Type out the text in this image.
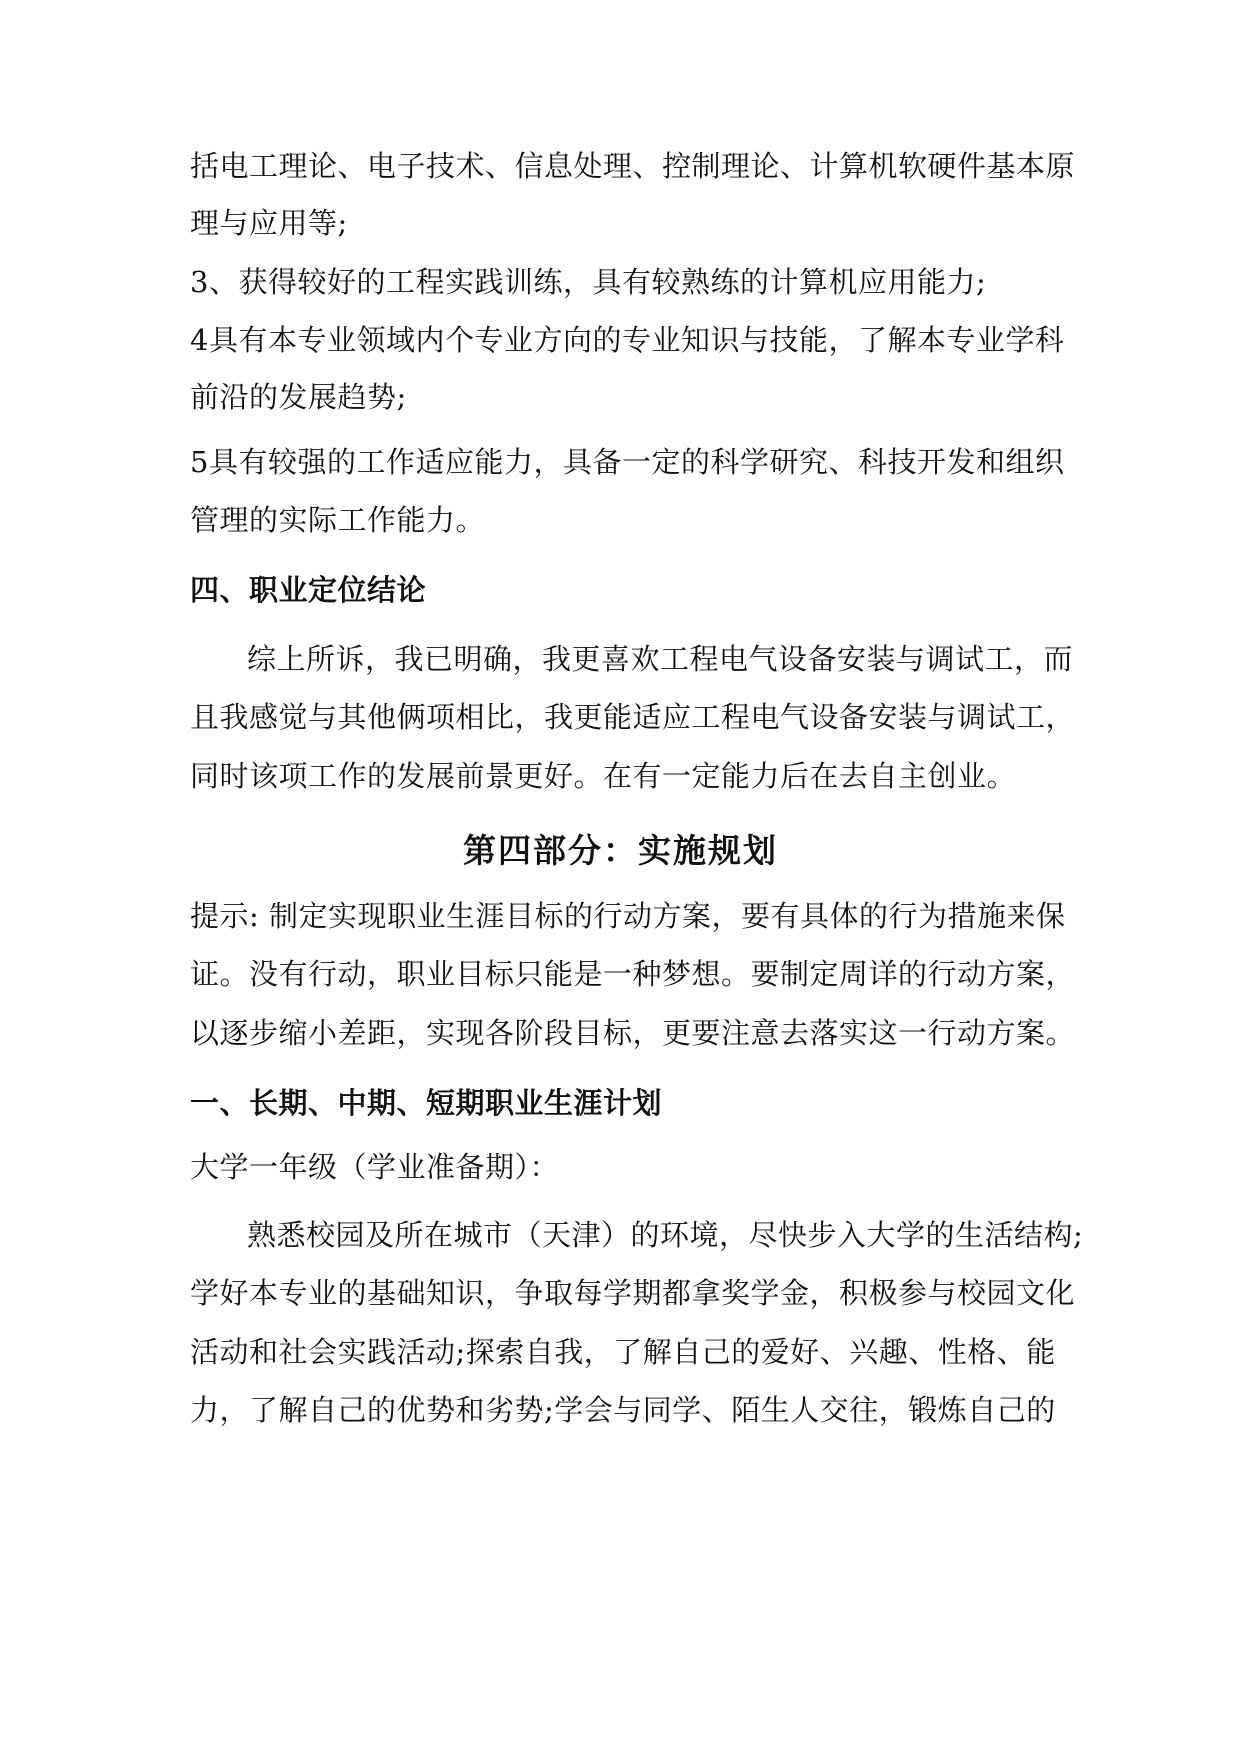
括电工理论、电子技术、信息处理、控制理论、计算机软硬件基本原
理与应用等;
3、获得较好的工程实践训练，具有较熟练的计算机应用能力;
4具有本专业领域内个专业方向的专业知识与技能，了解本专业学科
前沿的发展趋势;
5具有较强的工作适应能力，具备一定的科学研究、科技开发和组织
管理的实际工作能力。
四、职业定位结论
综上所诉，我已明确，我更喜欢工程电气设备安装与调试工，而
且我感觉与其他俩项相比，我更能适应工程电气设备安装与调试工，
同时该项工作的发展前景更好。在有一定能力后在去自主创业。
第四部分：实施规划
提示: 制定实现职业生涯目标的行动方案，要有具体的行为措施来保
证。没有行动，职业目标只能是一种梦想。要制定周详的行动方案，
以逐步缩小差距，实现各阶段目标，更要注意去落实这一行动方案。
一、长期、中期、短期职业生涯计划
大学一年级（学业准备期）：
熟悉校园及所在城市（天津）的环境，尽快步入大学的生活结构;
学好本专业的基础知识，争取每学期都拿奖学金，积极参与校园文化
活动和社会实践活动;探索自我，了解自己的爱好、兴趣、性格、能
力，了解自己的优势和劣势;学会与同学、陌生人交往，锻炼自己的
